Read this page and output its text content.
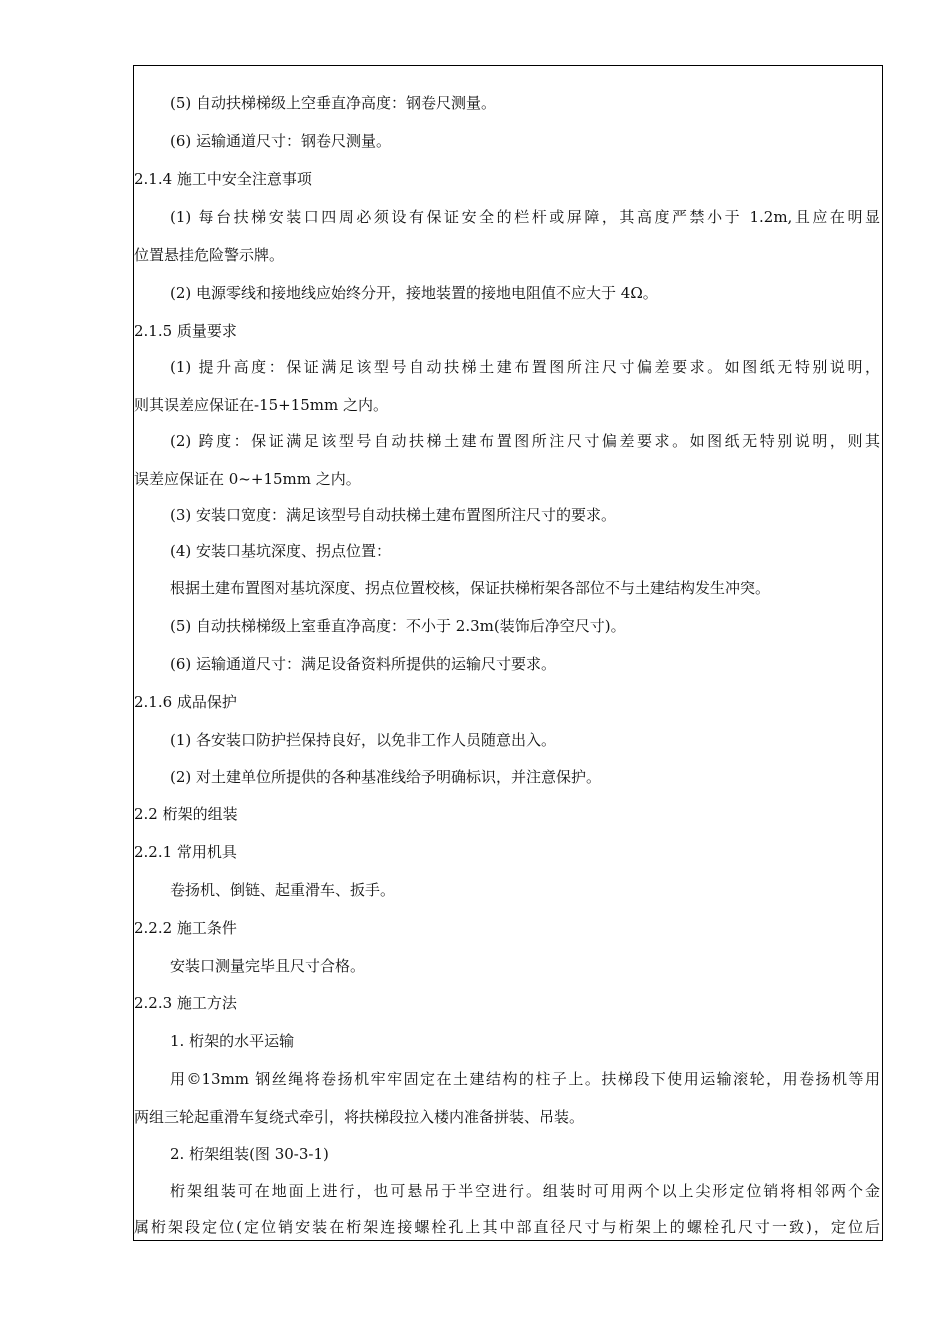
(5) 自动扶梯梯级上空垂直净高度：钢卷尺测量。
(6) 运输通道尺寸：钢卷尺测量。
2.1.4 施工中安全注意事项
(1) 每台扶梯安装口四周必须设有保证安全的栏杆或屏障，其高度严禁小于 1.2m,且应在明显
位置悬挂危险警示牌。
(2) 电源零线和接地线应始终分开，接地装置的接地电阻值不应大于 4Ω。
2.1.5 质量要求
(1) 提升高度：保证满足该型号自动扶梯土建布置图所注尺寸偏差要求。如图纸无特别说明，
则其误差应保证在-15+15mm 之内。
(2) 跨度：保证满足该型号自动扶梯土建布置图所注尺寸偏差要求。如图纸无特别说明，则其
误差应保证在 0~+15mm 之内。
(3) 安装口宽度：满足该型号自动扶梯土建布置图所注尺寸的要求。
(4) 安装口基坑深度、拐点位置：
根据土建布置图对基坑深度、拐点位置校核，保证扶梯桁架各部位不与土建结构发生冲突。
(5) 自动扶梯梯级上室垂直净高度：不小于 2.3m(装饰后净空尺寸)。
(6) 运输通道尺寸：满足设备资料所提供的运输尺寸要求。
2.1.6 成品保护
(1) 各安装口防护拦保持良好，以免非工作人员随意出入。
(2) 对土建单位所提供的各种基准线给予明确标识，并注意保护。
2.2 桁架的组装
2.2.1 常用机具
卷扬机、倒链、起重滑车、扳手。
2.2.2 施工条件
安装口测量完毕且尺寸合格。
2.2.3 施工方法
1. 桁架的水平运输
用©13mm 钢丝绳将卷扬机牢牢固定在土建结构的柱子上。扶梯段下使用运输滚轮，用卷扬机等用
两组三轮起重滑车复绕式牵引，将扶梯段拉入楼内准备拼装、吊装。
2. 桁架组装(图 30-3-1)
桁架组装可在地面上进行，也可悬吊于半空进行。组装时可用两个以上尖形定位销将相邻两个金
属桁架段定位(定位销安装在桁架连接螺栓孔上其中部直径尺寸与桁架上的螺栓孔尺寸一致)，定位后
